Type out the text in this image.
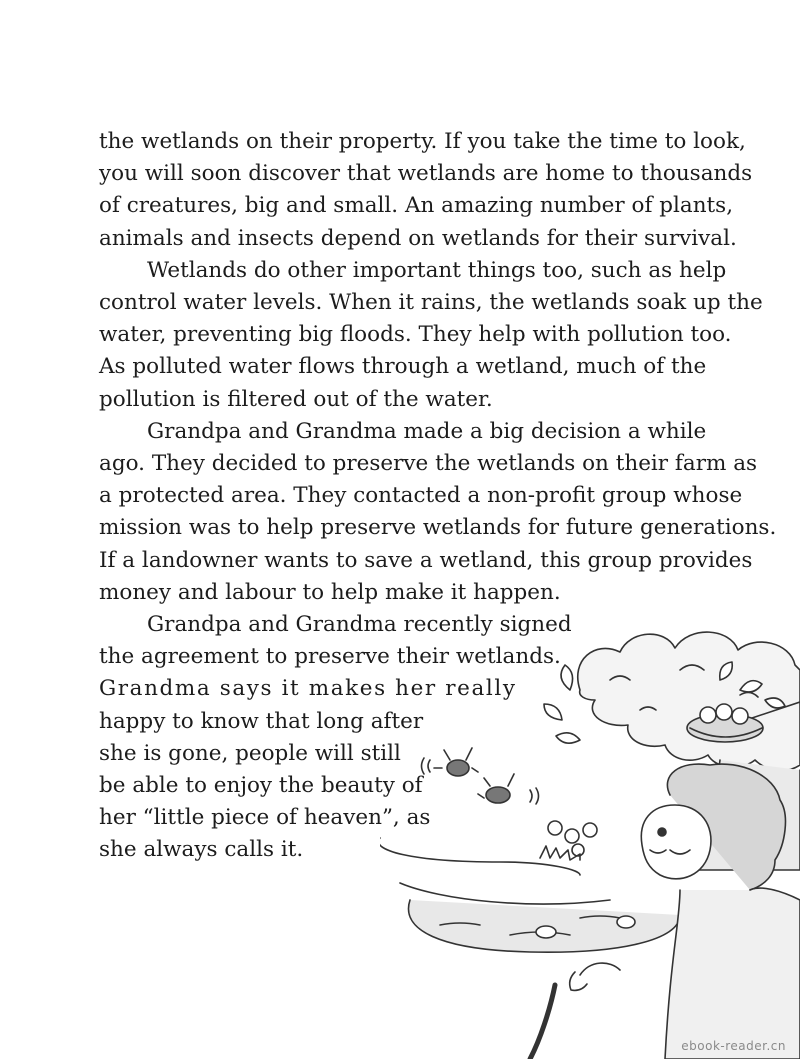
the wetlands on their property. If you take the time to look,
you will soon discover that wetlands are home to thousands
of creatures, big and small. An amazing number of plants,
animals and insects depend on wetlands for their survival.

Wetlands do other important things too, such as help
control water levels. When it rains, the wetlands soak up the
water, preventing big floods. They help with pollution too.
As polluted water flows through a wetland, much of the
pollution is filtered out of the water.

Grandpa and Grandma made a big decision a while
ago. They decided to preserve the wetlands on their farm as
a protected area. They contacted a non-profit group whose
mission was to help preserve wetlands for future generations.
If a landowner wants to save a wetland, this group provides
money and labour to help make it happen.

Grandpa and Grandma recently signed
the agreement to preserve their wetlands.
Grandma says it makes her really
happy to know that long after
she is gone, people will still
be able to enjoy the beauty of
her “little piece of heaven”, as
she always calls it.

ebook-reader.cn
